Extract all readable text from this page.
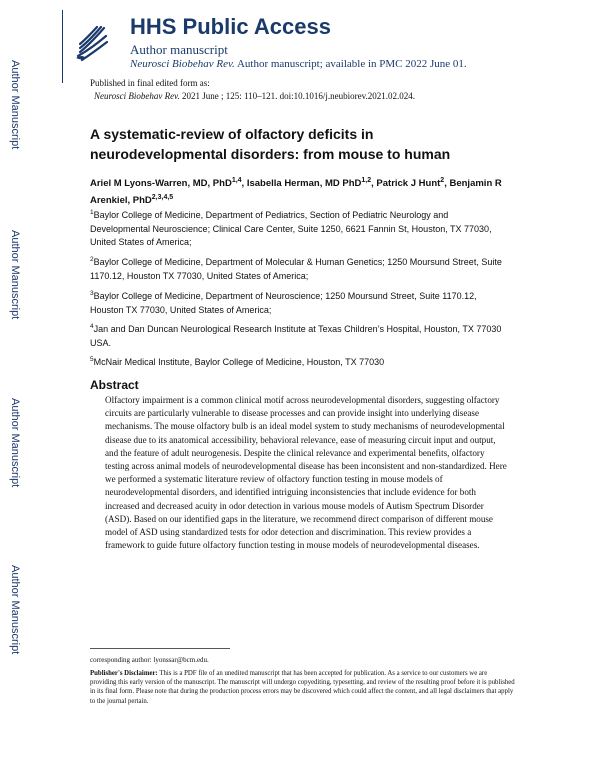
Author Manuscript
Author Manuscript
Author Manuscript
Author Manuscript
HHS Public Access
Author manuscript
Neurosci Biobehav Rev. Author manuscript; available in PMC 2022 June 01.
Published in final edited form as:
Neurosci Biobehav Rev. 2021 June ; 125: 110–121. doi:10.1016/j.neubiorev.2021.02.024.
A systematic-review of olfactory deficits in neurodevelopmental disorders: from mouse to human
Ariel M Lyons-Warren, MD, PhD$^{1,4}$, Isabella Herman, MD PhD$^{1,2}$, Patrick J Hunt$^2$, Benjamin R Arenkiel, PhD$^{2,3,4,5}$
$^1$Baylor College of Medicine, Department of Pediatrics, Section of Pediatric Neurology and Developmental Neuroscience; Clinical Care Center, Suite 1250, 6621 Fannin St, Houston, TX 77030, United States of America;
$^2$Baylor College of Medicine, Department of Molecular & Human Genetics; 1250 Moursund Street, Suite 1170.12, Houston TX 77030, United States of America;
$^3$Baylor College of Medicine, Department of Neuroscience; 1250 Moursund Street, Suite 1170.12, Houston TX 77030, United States of America;
$^4$Jan and Dan Duncan Neurological Research Institute at Texas Children’s Hospital, Houston, TX 77030 USA.
$^5$McNair Medical Institute, Baylor College of Medicine, Houston, TX 77030
Abstract
Olfactory impairment is a common clinical motif across neurodevelopmental disorders, suggesting olfactory circuits are particularly vulnerable to disease processes and can provide insight into underlying disease mechanisms. The mouse olfactory bulb is an ideal model system to study mechanisms of neurodevelopmental disease due to its anatomical accessibility, behavioral relevance, ease of measuring circuit input and output, and the feature of adult neurogenesis. Despite the clinical relevance and experimental benefits, olfactory testing across animal models of neurodevelopmental disease has been inconsistent and non-standardized. Here we performed a systematic literature review of olfactory function testing in mouse models of neurodevelopmental disorders, and identified intriguing inconsistencies that include evidence for both increased and decreased acuity in odor detection in various mouse models of Autism Spectrum Disorder (ASD). Based on our identified gaps in the literature, we recommend direct comparison of different mouse model of ASD using standardized tests for odor detection and discrimination. This review provides a framework to guide future olfactory function testing in mouse models of neurodevelopmental diseases.
corresponding author: lyonssar@bcm.edu.
Publisher's Disclaimer: This is a PDF file of an unedited manuscript that has been accepted for publication. As a service to our customers we are providing this early version of the manuscript. The manuscript will undergo copyediting, typesetting, and review of the resulting proof before it is published in its final form. Please note that during the production process errors may be discovered which could affect the content, and all legal disclaimers that apply to the journal pertain.
